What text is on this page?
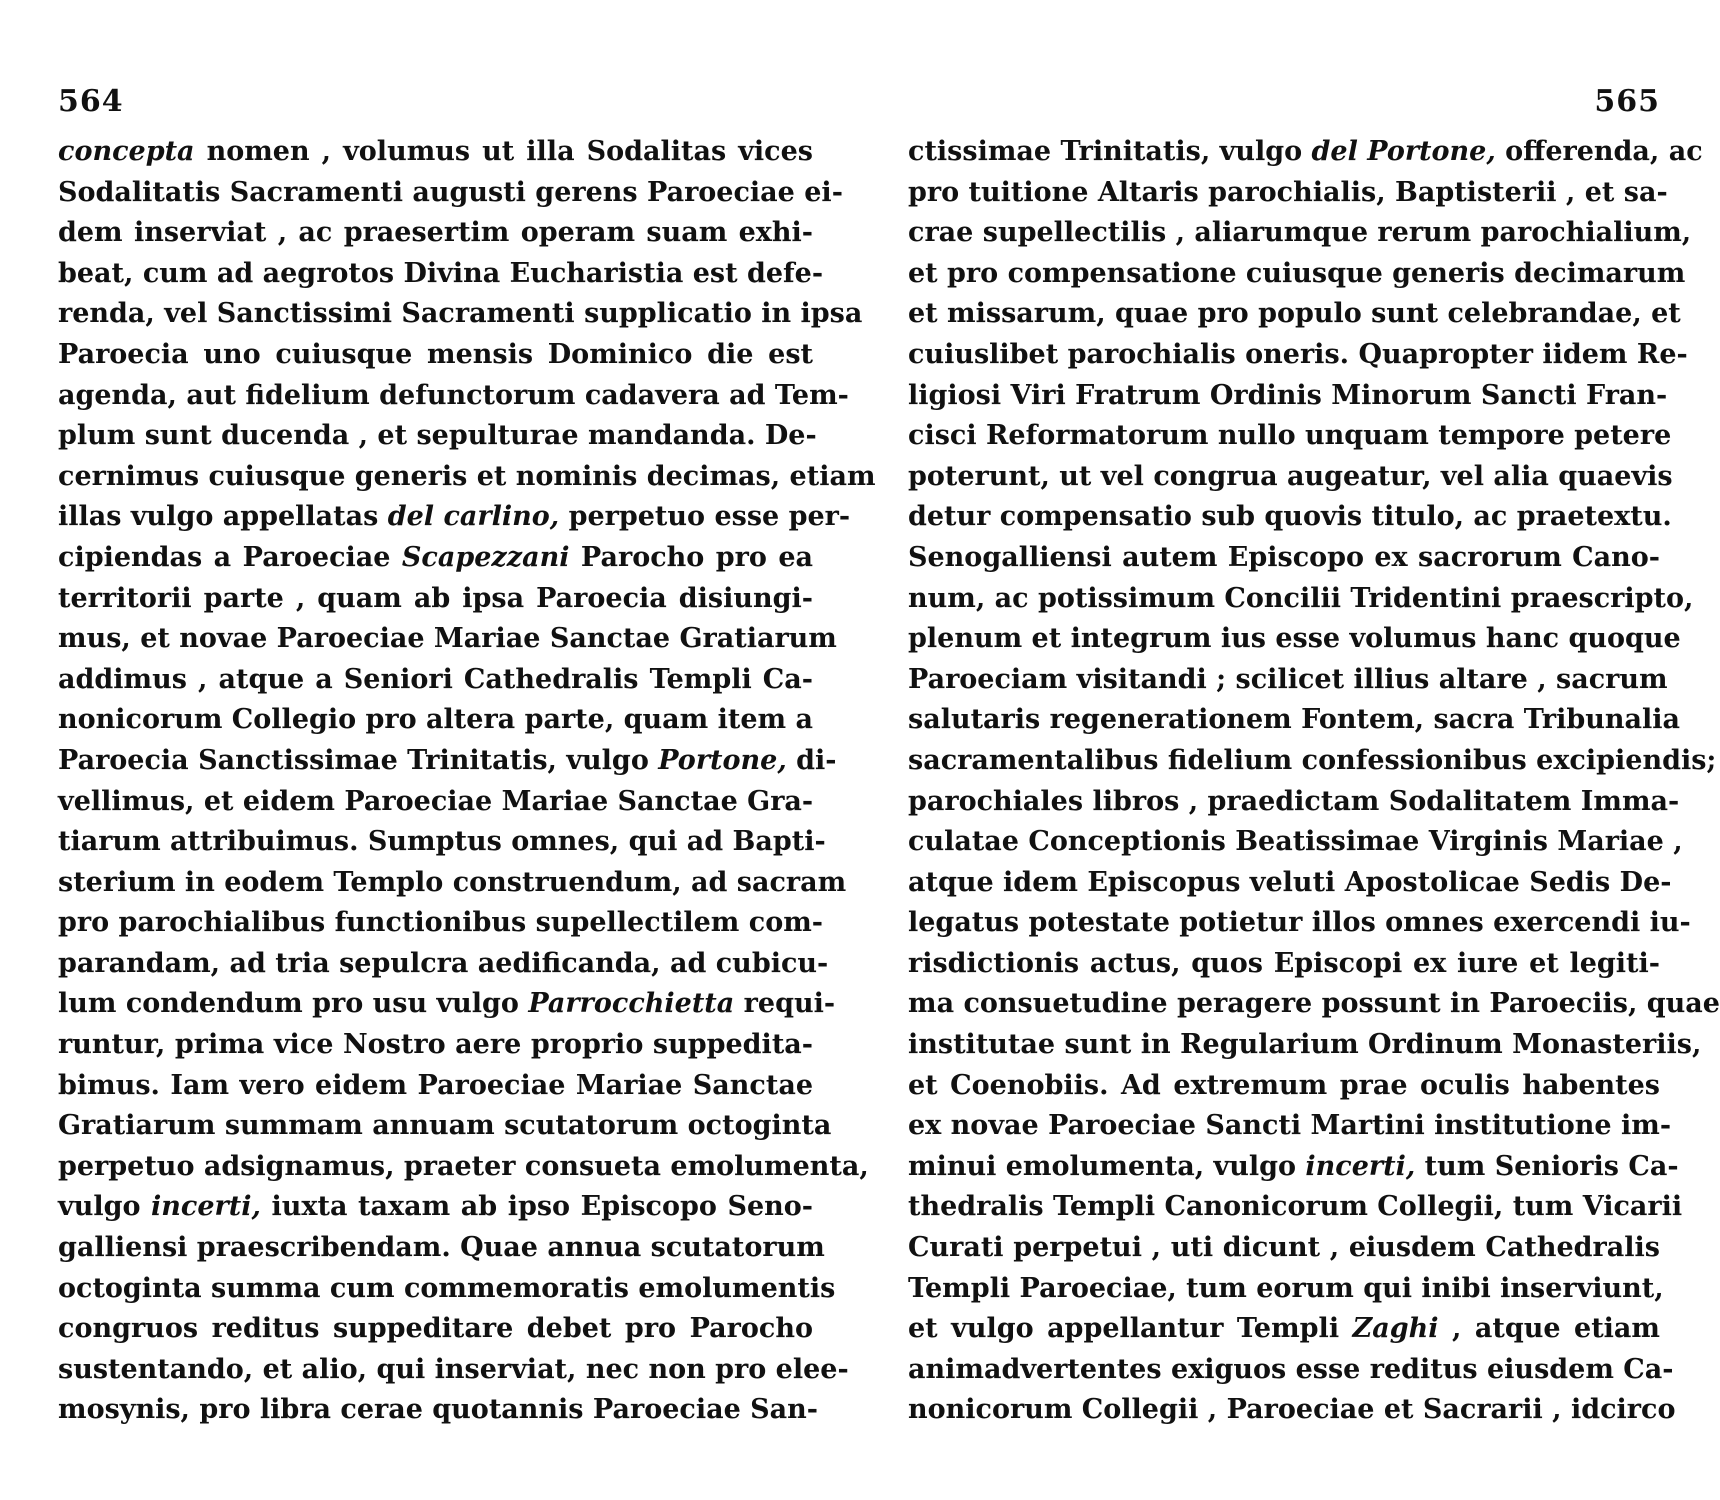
564
concepta nomen , volumus ut illa Sodalitas vices
Sodalitatis Sacramenti augusti gerens Paroeciae ei-
dem inserviat , ac praesertim operam suam exhi-
beat, cum ad aegrotos Divina Eucharistia est defe-
renda, vel Sanctissimi Sacramenti supplicatio in ipsa
Paroecia uno cuiusque mensis Dominico die est
agenda, aut fidelium defunctorum cadavera ad Tem-
plum sunt ducenda , et sepulturae mandanda. De-
cernimus cuiusque generis et nominis decimas, etiam
illas vulgo appellatas del carlino, perpetuo esse per-
cipiendas a Paroeciae Scapezzani Parocho pro ea
territorii parte , quam ab ipsa Paroecia disiungi-
mus, et novae Paroeciae Mariae Sanctae Gratiarum
addimus , atque a Seniori Cathedralis Templi Ca-
nonicorum Collegio pro altera parte, quam item a
Paroecia Sanctissimae Trinitatis, vulgo Portone, di-
vellimus, et eidem Paroeciae Mariae Sanctae Gra-
tiarum attribuimus. Sumptus omnes, qui ad Bapti-
sterium in eodem Templo construendum, ad sacram
pro parochialibus functionibus supellectilem com-
parandam, ad tria sepulcra aedificanda, ad cubicu-
lum condendum pro usu vulgo Parrocchietta requi-
runtur, prima vice Nostro aere proprio suppedita-
bimus. Iam vero eidem Paroeciae Mariae Sanctae
Gratiarum summam annuam scutatorum octoginta
perpetuo adsignamus, praeter consueta emolumenta,
vulgo incerti, iuxta taxam ab ipso Episcopo Seno-
galliensi praescribendam. Quae annua scutatorum
octoginta summa cum commemoratis emolumentis
congruos reditus suppeditare debet pro Parocho
sustentando, et alio, qui inserviat, nec non pro elee-
mosynis, pro libra cerae quotannis Paroeciae San-
565
ctissimae Trinitatis, vulgo del Portone, offerenda, ac
pro tuitione Altaris parochialis, Baptisterii , et sa-
crae supellectilis , aliarumque rerum parochialium,
et pro compensatione cuiusque generis decimarum
et missarum, quae pro populo sunt celebrandae, et
cuiuslibet parochialis oneris. Quapropter iidem Re-
ligiosi Viri Fratrum Ordinis Minorum Sancti Fran-
cisci Reformatorum nullo unquam tempore petere
poterunt, ut vel congrua augeatur, vel alia quaevis
detur compensatio sub quovis titulo, ac praetextu.
Senogalliensi autem Episcopo ex sacrorum Cano-
num, ac potissimum Concilii Tridentini praescripto,
plenum et integrum ius esse volumus hanc quoque
Paroeciam visitandi ; scilicet illius altare , sacrum
salutaris regenerationem Fontem, sacra Tribunalia
sacramentalibus fidelium confessionibus excipiendis;
parochiales libros , praedictam Sodalitatem Imma-
culatae Conceptionis Beatissimae Virginis Mariae ,
atque idem Episcopus veluti Apostolicae Sedis De-
legatus potestate potietur illos omnes exercendi iu-
risdictionis actus, quos Episcopi ex iure et legiti-
ma consuetudine peragere possunt in Paroeciis, quae
institutae sunt in Regularium Ordinum Monasteriis,
et Coenobiis. Ad extremum prae oculis habentes
ex novae Paroeciae Sancti Martini institutione im-
minui emolumenta, vulgo incerti, tum Senioris Ca-
thedralis Templi Canonicorum Collegii, tum Vicarii
Curati perpetui , uti dicunt , eiusdem Cathedralis
Templi Paroeciae, tum eorum qui inibi inserviunt,
et vulgo appellantur Templi Zaghi , atque etiam
animadvertentes exiguos esse reditus eiusdem Ca-
nonicorum Collegii , Paroeciae et Sacrarii , idcirco
